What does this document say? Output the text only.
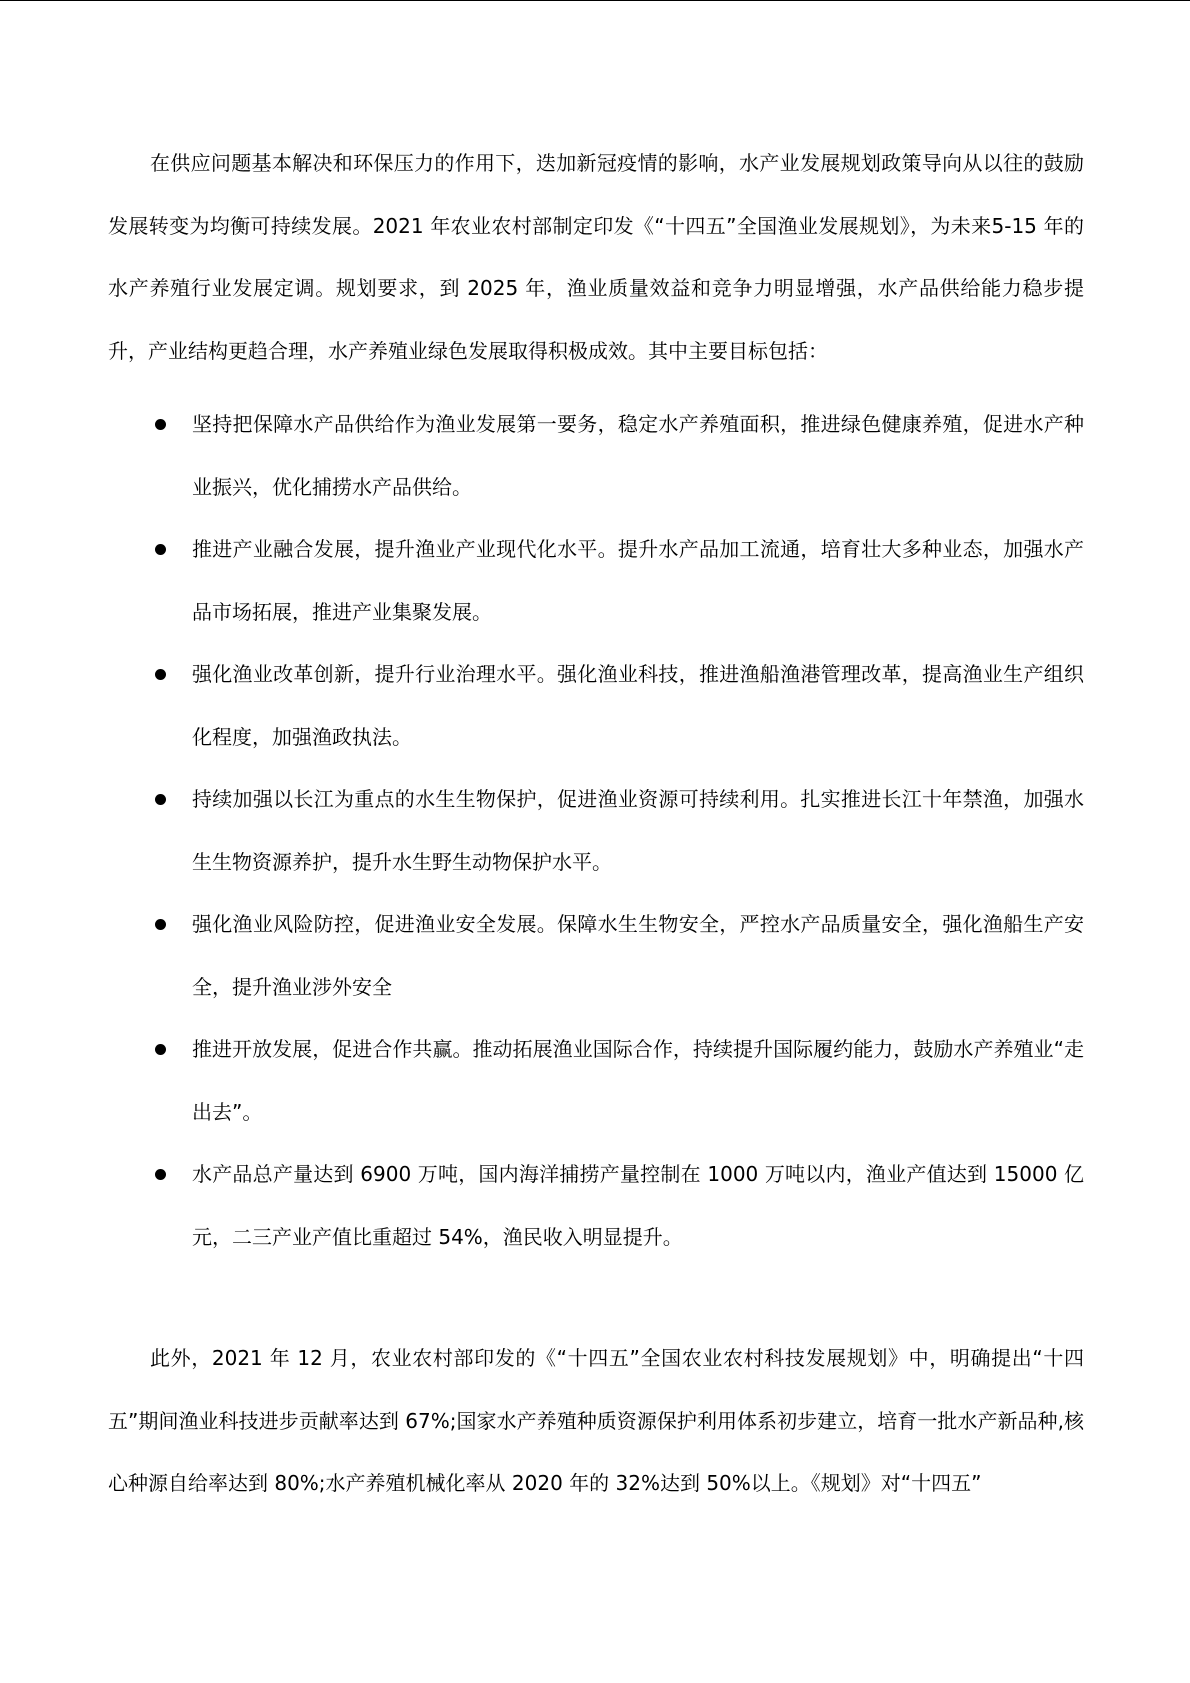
在供应问题基本解决和环保压力的作用下，迭加新冠疫情的影响，水产业发展规划政策导向从以往的鼓励发展转变为均衡可持续发展。2021 年农业农村部制定印发《“十四五”全国渔业发展规划》，为未来5-15 年的水产养殖行业发展定调。规划要求，到 2025 年，渔业质量效益和竞争力明显增强，水产品供给能力稳步提升，产业结构更趋合理，水产养殖业绿色发展取得积极成效。其中主要目标包括：

坚持把保障水产品供给作为渔业发展第一要务，稳定水产养殖面积，推进绿色健康养殖，促进水产种业振兴，优化捕捞水产品供给。
推进产业融合发展，提升渔业产业现代化水平。提升水产品加工流通，培育壮大多种业态，加强水产品市场拓展，推进产业集聚发展。
强化渔业改革创新，提升行业治理水平。强化渔业科技，推进渔船渔港管理改革，提高渔业生产组织化程度，加强渔政执法。
持续加强以长江为重点的水生生物保护，促进渔业资源可持续利用。扎实推进长江十年禁渔，加强水生生物资源养护，提升水生野生动物保护水平。
强化渔业风险防控，促进渔业安全发展。保障水生生物安全，严控水产品质量安全，强化渔船生产安全，提升渔业涉外安全
推进开放发展，促进合作共赢。推动拓展渔业国际合作，持续提升国际履约能力，鼓励水产养殖业“走出去”。
水产品总产量达到 6900 万吨，国内海洋捕捞产量控制在 1000 万吨以内，渔业产值达到 15000 亿元，二三产业产值比重超过 54%，渔民收入明显提升。

此外，2021 年 12 月，农业农村部印发的《“十四五”全国农业农村科技发展规划》中，明确提出“十四五”期间渔业科技进步贡献率达到 67%;国家水产养殖种质资源保护利用体系初步建立，培育一批水产新品种,核心种源自给率达到 80%;水产养殖机械化率从 2020 年的 32%达到 50%以上。《规划》对“十四五”
